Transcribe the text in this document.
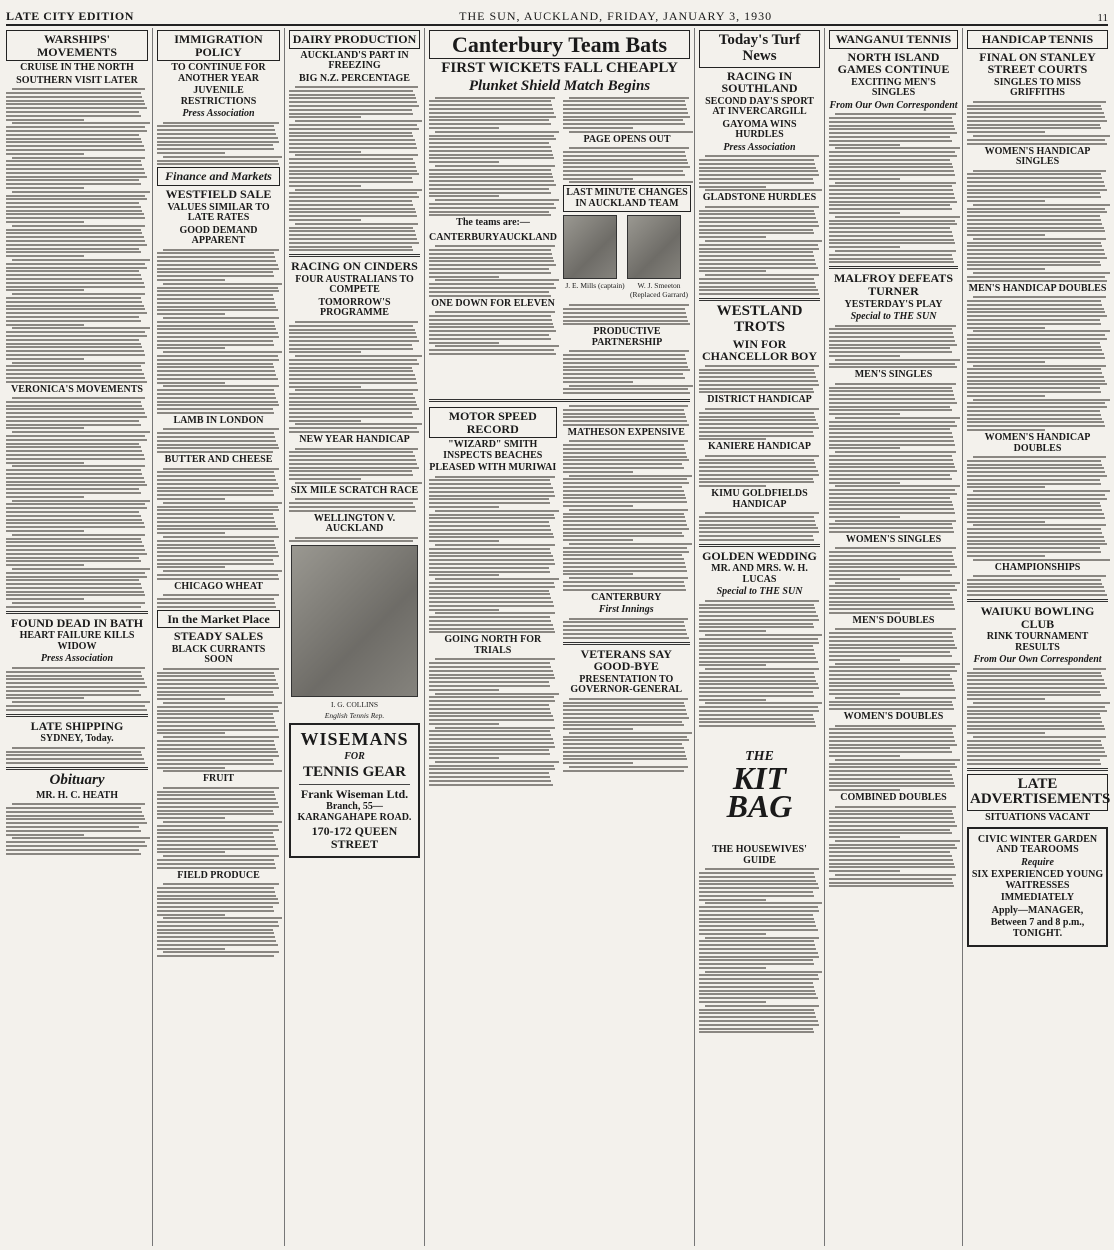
LATE CITY EDITION	THE SUN, AUCKLAND, FRIDAY, JANUARY 3, 1930	11
WARSHIPS' MOVEMENTS
CRUISE IN THE NORTH
SOUTHERN VISIT LATER
VERONICA'S MOVEMENTS
FOUND DEAD IN BATH
HEART FAILURE KILLS WIDOW
Press Association
LATE SHIPPING
SYDNEY, Today.
Obituary
MR. H. C. HEATH
IMMIGRATION POLICY
TO CONTINUE FOR ANOTHER YEAR
JUVENILE RESTRICTIONS
Press Association
Finance and Markets
WESTFIELD SALE
VALUES SIMILAR TO LATE RATES
GOOD DEMAND APPARENT
LAMB IN LONDON
BUTTER AND CHEESE
CHICAGO WHEAT
In the Market Place
STEADY SALES
BLACK CURRANTS SOON
FRUIT
FIELD PRODUCE
DAIRY PRODUCTION
AUCKLAND'S PART IN FREEZING
BIG N.Z. PERCENTAGE
RACING ON CINDERS
FOUR AUSTRALIANS TO COMPETE
TOMORROW'S PROGRAMME
NEW YEAR HANDICAP
SIX MILE SCRATCH RACE
WELLINGTON V. AUCKLAND
I. G. COLLINS
English Tennis Rep.
WISEMANS
FOR
TENNIS GEAR
Frank Wiseman Ltd.
Branch, 55—KARANGAHAPE ROAD.
170-172 QUEEN STREET
Canterbury Team Bats
FIRST WICKETS FALL CHEAPLY
Plunket Shield Match Begins
The teams are:—
CANTERBURY AUCKLAND
ONE DOWN FOR ELEVEN
PAGE OPENS OUT
LAST MINUTE CHANGES IN AUCKLAND TEAM
J. E. Mills (captain)	W. J. Smeeton (Replaced Garrard)
PRODUCTIVE PARTNERSHIP
MOTOR SPEED RECORD
"WIZARD" SMITH INSPECTS BEACHES
PLEASED WITH MURIWAI
GOING NORTH FOR TRIALS
MATHESON EXPENSIVE
CANTERBURY
First Innings
VETERANS SAY GOOD-BYE
PRESENTATION TO GOVERNOR-GENERAL
Today's Turf News
RACING IN SOUTHLAND
SECOND DAY'S SPORT AT INVERCARGILL
GAYOMA WINS HURDLES
Press Association
GLADSTONE HURDLES
WESTLAND TROTS
WIN FOR CHANCELLOR BOY
DISTRICT HANDICAP
KANIERE HANDICAP
KIMU GOLDFIELDS HANDICAP
GOLDEN WEDDING
MR. AND MRS. W. H. LUCAS
Special to THE SUN
THE
KIT
BAG
THE HOUSEWIVES' GUIDE
WANGANUI TENNIS
NORTH ISLAND GAMES CONTINUE
EXCITING MEN'S SINGLES
From Our Own Correspondent
MALFROY DEFEATS TURNER
YESTERDAY'S PLAY
Special to THE SUN
MEN'S SINGLES
WOMEN'S SINGLES
MEN'S DOUBLES
WOMEN'S DOUBLES
COMBINED DOUBLES
HANDICAP TENNIS
FINAL ON STANLEY STREET COURTS
SINGLES TO MISS GRIFFITHS
WOMEN'S HANDICAP SINGLES
MEN'S HANDICAP DOUBLES
WOMEN'S HANDICAP DOUBLES
CHAMPIONSHIPS
WAIUKU BOWLING CLUB
RINK TOURNAMENT RESULTS
From Our Own Correspondent
LATE ADVERTISEMENTS
SITUATIONS VACANT
CIVIC WINTER GARDEN AND TEAROOMS
Require
SIX EXPERIENCED YOUNG WAITRESSES
IMMEDIATELY
Apply—MANAGER,
Between 7 and 8 p.m., TONIGHT.
